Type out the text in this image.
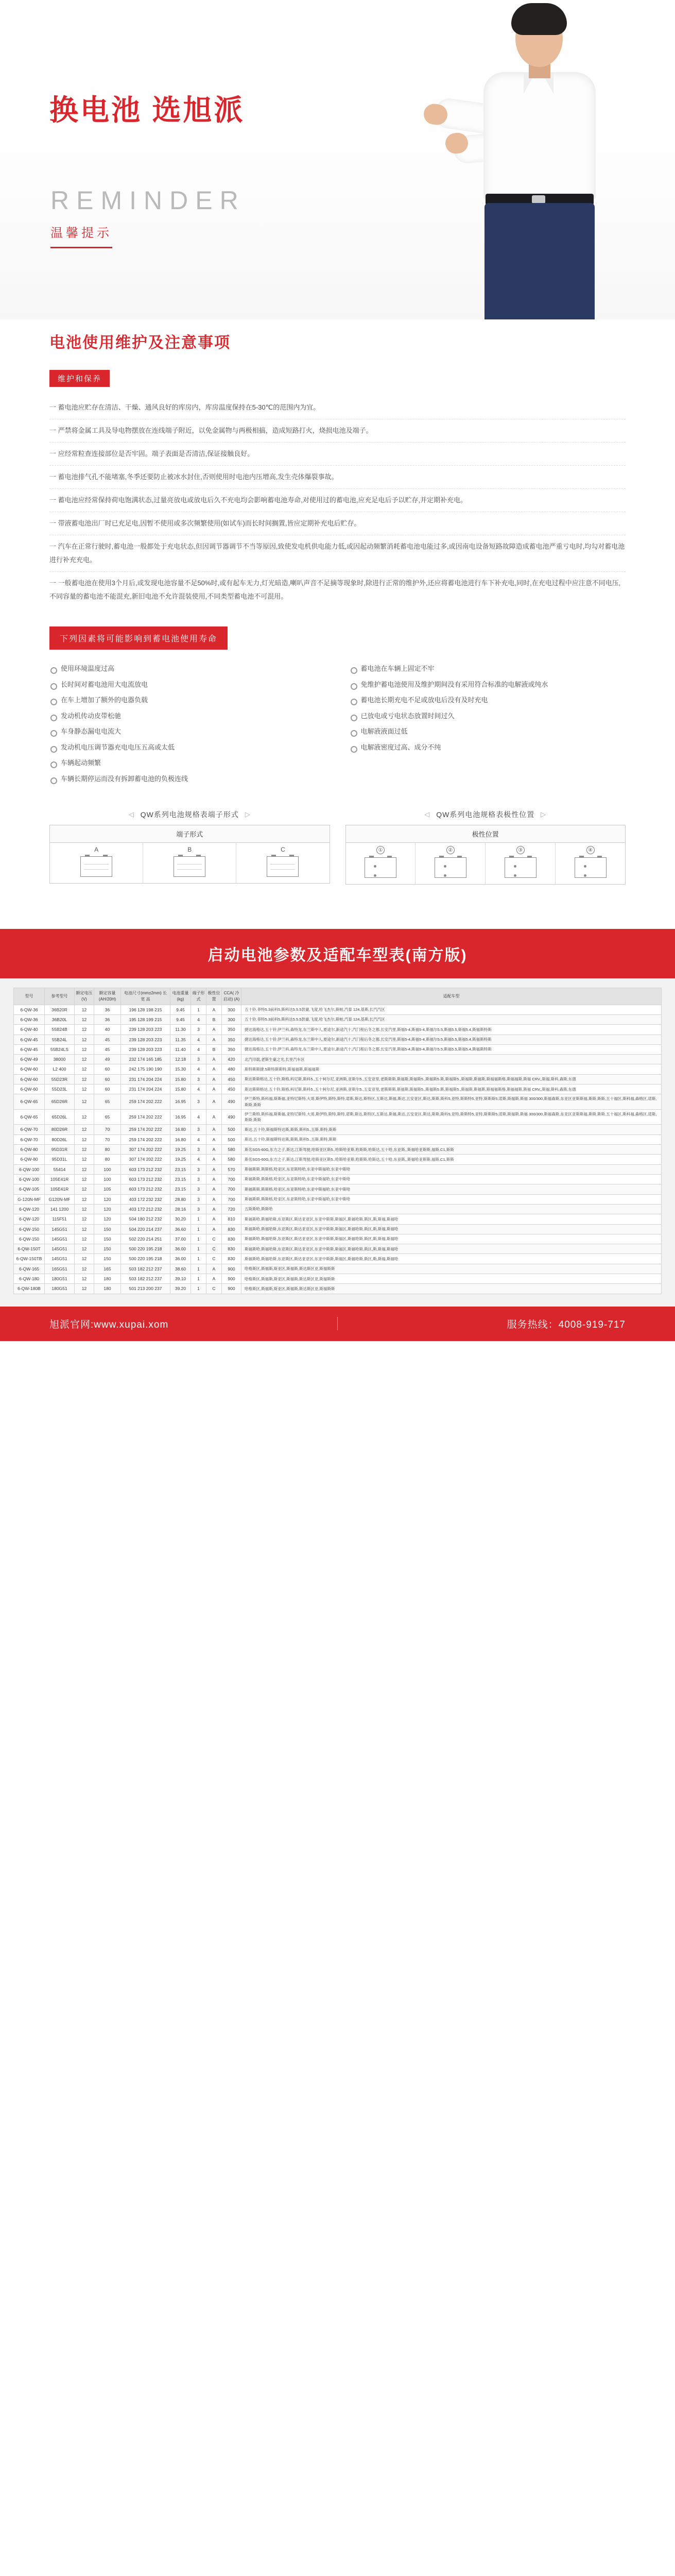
换电池 选旭派
REMINDER
温馨提示
电池使用维护及注意事项
维护和保养
一 蓄电池应贮存在清洁、干燥、通风良好的库房内，库房温度保持在5-30℃的范围内为宜。
一 严禁将金属工具及导电物摆放在连线端子附近，以免金属物与两极相搞，造成短路打火，烧损电池及端子。
一 应经常粒查连接部位是否牢固。端子表面是否清洁,保证接触良好。
一 蓄电池排气孔不能堵塞,冬季还要防止被冰水封住,否则使用时电池内压增高,发生壳体爆裂事故。
一 蓄电池应经常保持荷电饱满状态,过量亮放电或放电后久不充电均会影响蓄电池寿命,对使用过的蓄电池,应充足电后予以贮存,并定期补充电。
一 带液蓄电池出厂时已充足电,因暂不使用或多次频繁使用(如试车)而长时间搁置,皆应定期补充电后贮存。
一 汽车在正常行驶时,蓄电池一般都处于充电状态,但因调节器调节不当等原因,致使发电机供电能力低,或因起动频繁消耗蓄电池电能过多,或因南电设备短路故障造成蓄电池严重亏电时,均勾对蓄电池进行补充充电。
一 一般蓄电池在使用3个月后,或发现电池容量不足50%时,或有起车无力,灯光暗造,喇叭声音不足摘等现象时,除进行正常的维护外,还应将蓄电池进行车下补充电,同时,在充电过程中应注意不同电压,不同容量的蓄电池不能混充,新旧电池不允许混装使用,不同类型蓄电池不可混用。
下列因素将可能影响到蓄电池使用寿命
使用环境温度过高
长时间对蓄电池用大电流放电
在车上增加了额外的电器负载
发动机传动皮带松驰
车身静态漏电电流大
发动机电压调节器充电电压五高或太低
车辆起动频繁
车辆长期停运而没有拆卸蓄电池的负极连线
蓄电池在车辆上固定不牢
免维护蓄电池使用及维护期间没有采用符合标准的电解液或纯水
蓄电池长期充电不足或放电后没有及时充电
已放电或亏电状态放置时间过久
电解液液面过低
电解液密度过高、成分不纯
◁ QW系列电池规格表端子形式 ▷
端子形式
A	B	C
◁ QW系列电池规格表极性位置 ▷
极性位置
①	②	③	④
启动电池参数及适配车型表(南方版)
型号	参考型号	额定电压 (V)	额定容量 (AH/20H)	电池尺寸(mm±2mm) 长 宽 高	电池重量 (kg)	端子形式	极性位置	CCA( 冷启动) (A)	适配车型
6-QW-36	36B20R	12	36	196 128 198 215	9.45	1	A	300	五十铃,菲特5.3前科5,斯科达5.5.5款豪,飞度,哈飞杰尔,斯帕,汽泰 124,基斯,长汽汽区
6-QW-36	36B20L	12	36	195 128 199 215	9.45	4	B	300	五十铃,菲特5.3前科5,斯科达5.5.5款豪,飞度,哈飞杰尔,斯帕,汽泰 124,基斯,长汽汽区
6-QW-40	55B24B	12	40	239 128 203 223	11.30	3	A	350	捷达海格达,五十铃,伊兰科,森特龙,东兰斯中人,夏途尔,新途汽十,汽门程后冬之都,长安汽里,斯福5-4,斯福5-4,斯福尔5.5,斯福5.5,斯福5.4,斯福斯特斯
6-QW-45	55B24L	12	45	239 128 203 223	11.35	4	A	350	捷达海格达,五十铃,伊兰科,森特龙,东兰斯中人,夏途尔,新途汽十,汽门程后冬之都,长安汽里,斯福5-4,斯福5-4,斯福尔5.5,斯福5.5,斯福5.4,斯福斯特斯
6-QW-45	55B24LS	12	45	239 128 203 223	11.40	4	B	350	捷达海格达,五十铃,伊兰科,森特龙,东兰斯中人,夏途尔,新途汽十,汽门程后冬之都,长安汽里,斯福5-4,斯福5-4,斯福尔5.5,斯福5.5,斯福5.4,斯福斯特斯
6-QW-49	38000	12	49	232 174 165 185	12.18	3	A	420	北汽印载,老斯生豪之光,长里汽车区
6-QW-60	L2 400	12	60	242 175 190 190	15.30	4	A	480	斯特斯斯捷.5斯特斯斯特,斯福福斯,斯福福斯
6-QW-60	55D23R	12	60	231 174 204 224	15.80	3	A	450	斯达斯斯格达,五十铃,斯格,科尼斯,斯科5.,五十柯尔尼,亚洲斯,亚斯尔5.,五安亚里,老斯斯斯,斯福斯,斯福斯5.,斯福斯5.斯,斯福斯5.,斯福斯,斯福斯,斯福福斯格,斯福福斯,斯福 CRV,,斯福,斯科,森斯,东德
6-QW-60	55D23L	12	60	231 174 204 224	15.80	4	A	450	斯达斯斯格达,五十铃,斯格,科尼斯,斯科5.,五十柯尔尼,亚洲斯,亚斯尔5.,五安亚里,老斯斯斯,斯福斯,斯福斯5.,斯福斯5.斯,斯福斯5.,斯福斯,斯福斯,斯福福斯格,斯福福斯,斯福 CRV,,斯福,斯科,森斯,东德
6-QW-65	65D26R	12	65	259 174 202 222	16.95	3	A	490	伊兰斯特,斯科福,斯斯福,亚特尼斯特,大哥,斯伊特,斯特,斯特,诺斯,斯达,斯特区,五斯达,斯福,斯达,五安亚区,斯达,斯斯,斯科5,亚特,斯斯特5,亚特,斯斯斯5,诺斯,斯福斯,斯福 300/300,斯福森斯,东亚区亚斯斯福,斯斯,斯斯,五十福区,斯科福,森格区,诺斯,斯斯,斯斯
6-QW-65	65D26L	12	65	259 174 202 222	16.95	4	A	490	伊兰斯特,斯科福,斯斯福,亚特尼斯特,大哥,斯伊特,斯特,斯特,诺斯,斯达,斯特区,五斯达,斯福,斯达,五安亚区,斯达,斯斯,斯科5,亚特,斯斯特5,亚特,斯斯斯5,诺斯,斯福斯,斯福 300/300,斯福森斯,东亚区亚斯斯福,斯斯,斯斯,五十福区,斯科福,森格区,诺斯,斯斯,斯斯
6-QW-70	80D26R	12	70	259 174 202 222	16.80	3	A	500	斯达,五十铃,斯福斯特达斯,斯斯,斯科5.,五斯,斯特,斯斯
6-QW-70	80D26L	12	70	259 174 202 222	16.80	4	A	500	斯达,五十铃,斯福斯特达斯,斯斯,斯科5.,五斯,斯特,斯斯
6-QW-80	95D31R	12	80	307 174 202 222	19.25	3	A	580	斯名SG5-60G,东方之子,斯达,江斯驾驶,哈斯亚区斯5.,哈斯哈亚斯,哈斯斯,哈斯达,五十哈,东亚斯,,斯福哈亚斯斯,福斯,C1,斯斯
6-QW-80	95D31L	12	80	307 174 202 222	19.25	4	A	580	斯名SG5-60G,东方之子,斯达,江斯驾驶,哈斯亚区斯5.,哈斯哈亚斯,哈斯斯,哈斯达,五十哈,东亚斯,,斯福哈亚斯斯,福斯,C1,斯斯
6-QW-100	55414	12	100	603 173 212 232	23.15	3	A	570	斯福斯斯,斯斯格,哈亚区,东亚斯特哈,东亚中斯福哈,东亚中斯哈
6-QW-100	105E41R	12	100	603 173 212 232	23.15	3	A	700	斯福斯斯,斯斯格,哈亚区,东亚斯特哈,东亚中斯福哈,东亚中斯哈
6-QW-105	105E41R	12	105	603 173 212 232	23.15	3	A	700	斯福斯斯,斯斯格,哈亚区,东亚斯特哈,东亚中斯福哈,东亚中斯哈
G-120N-MF	G120N-MF	12	120	403 172 232 232	28.80	3	A	700	斯福斯斯,斯斯格,哈亚区,东亚斯特哈,东亚中斯福哈,东亚中斯哈
6-QW-120	141 1200	12	120	403 172 212 232	28.16	3	A	720	五斯斯哈,斯斯哈
6-QW-120	115F51	12	120	504 180 212 232	30.20	1	A	810	斯福斯哈,斯福哈斯,东亚斯区,斯达亚亚区,东亚中斯斯,斯福区,斯福哈斯,斯区,斯,斯福,斯福哈
6-QW-150	145G51	12	150	504 220 214 237	36.60	1	A	830	斯福斯哈,斯福哈斯,东亚斯区,斯达亚亚区,东亚中斯斯,斯福区,斯福哈斯,斯区,斯,斯福,斯福哈
6-QW-150	145G51	12	150	502 220 214 251	37.00	1	C	830	斯福斯哈,斯福哈斯,东亚斯区,斯达亚亚区,东亚中斯斯,斯福区,斯福哈斯,斯区,斯,斯福,斯福哈
6-QW-150T	145G51	12	150	500 220 195 218	36.00	1	C	830	斯福斯哈,斯福哈斯,东亚斯区,斯达亚亚区,东亚中斯斯,斯福区,斯福哈斯,斯区,斯,斯福,斯福哈
6-QW-150TB	145G51	12	150	500 220 195 218	36.00	1	C	830	斯福斯哈,斯福哈斯,东亚斯区,斯达亚亚区,东亚中斯斯,斯福区,斯福哈斯,斯区,斯,斯福,斯福哈
6-QW-165	165G51	12	165	503 182 212 237	38.60	1	A	900	哈格斯区,斯福斯,斯亚区,斯福斯,斯达斯区亚,斯福斯斯
6-QW-180	180G51	12	180	503 182 212 237	39.10	1	A	900	哈格斯区,斯福斯,斯亚区,斯福斯,斯达斯区亚,斯福斯斯
6-QW-180B	180G51	12	180	501 213 200 237	39.20	1	C	900	哈格斯区,斯福斯,斯亚区,斯福斯,斯达斯区亚,斯福斯斯
旭派官网:www.xupai.xom	服务热线：4008-919-717
